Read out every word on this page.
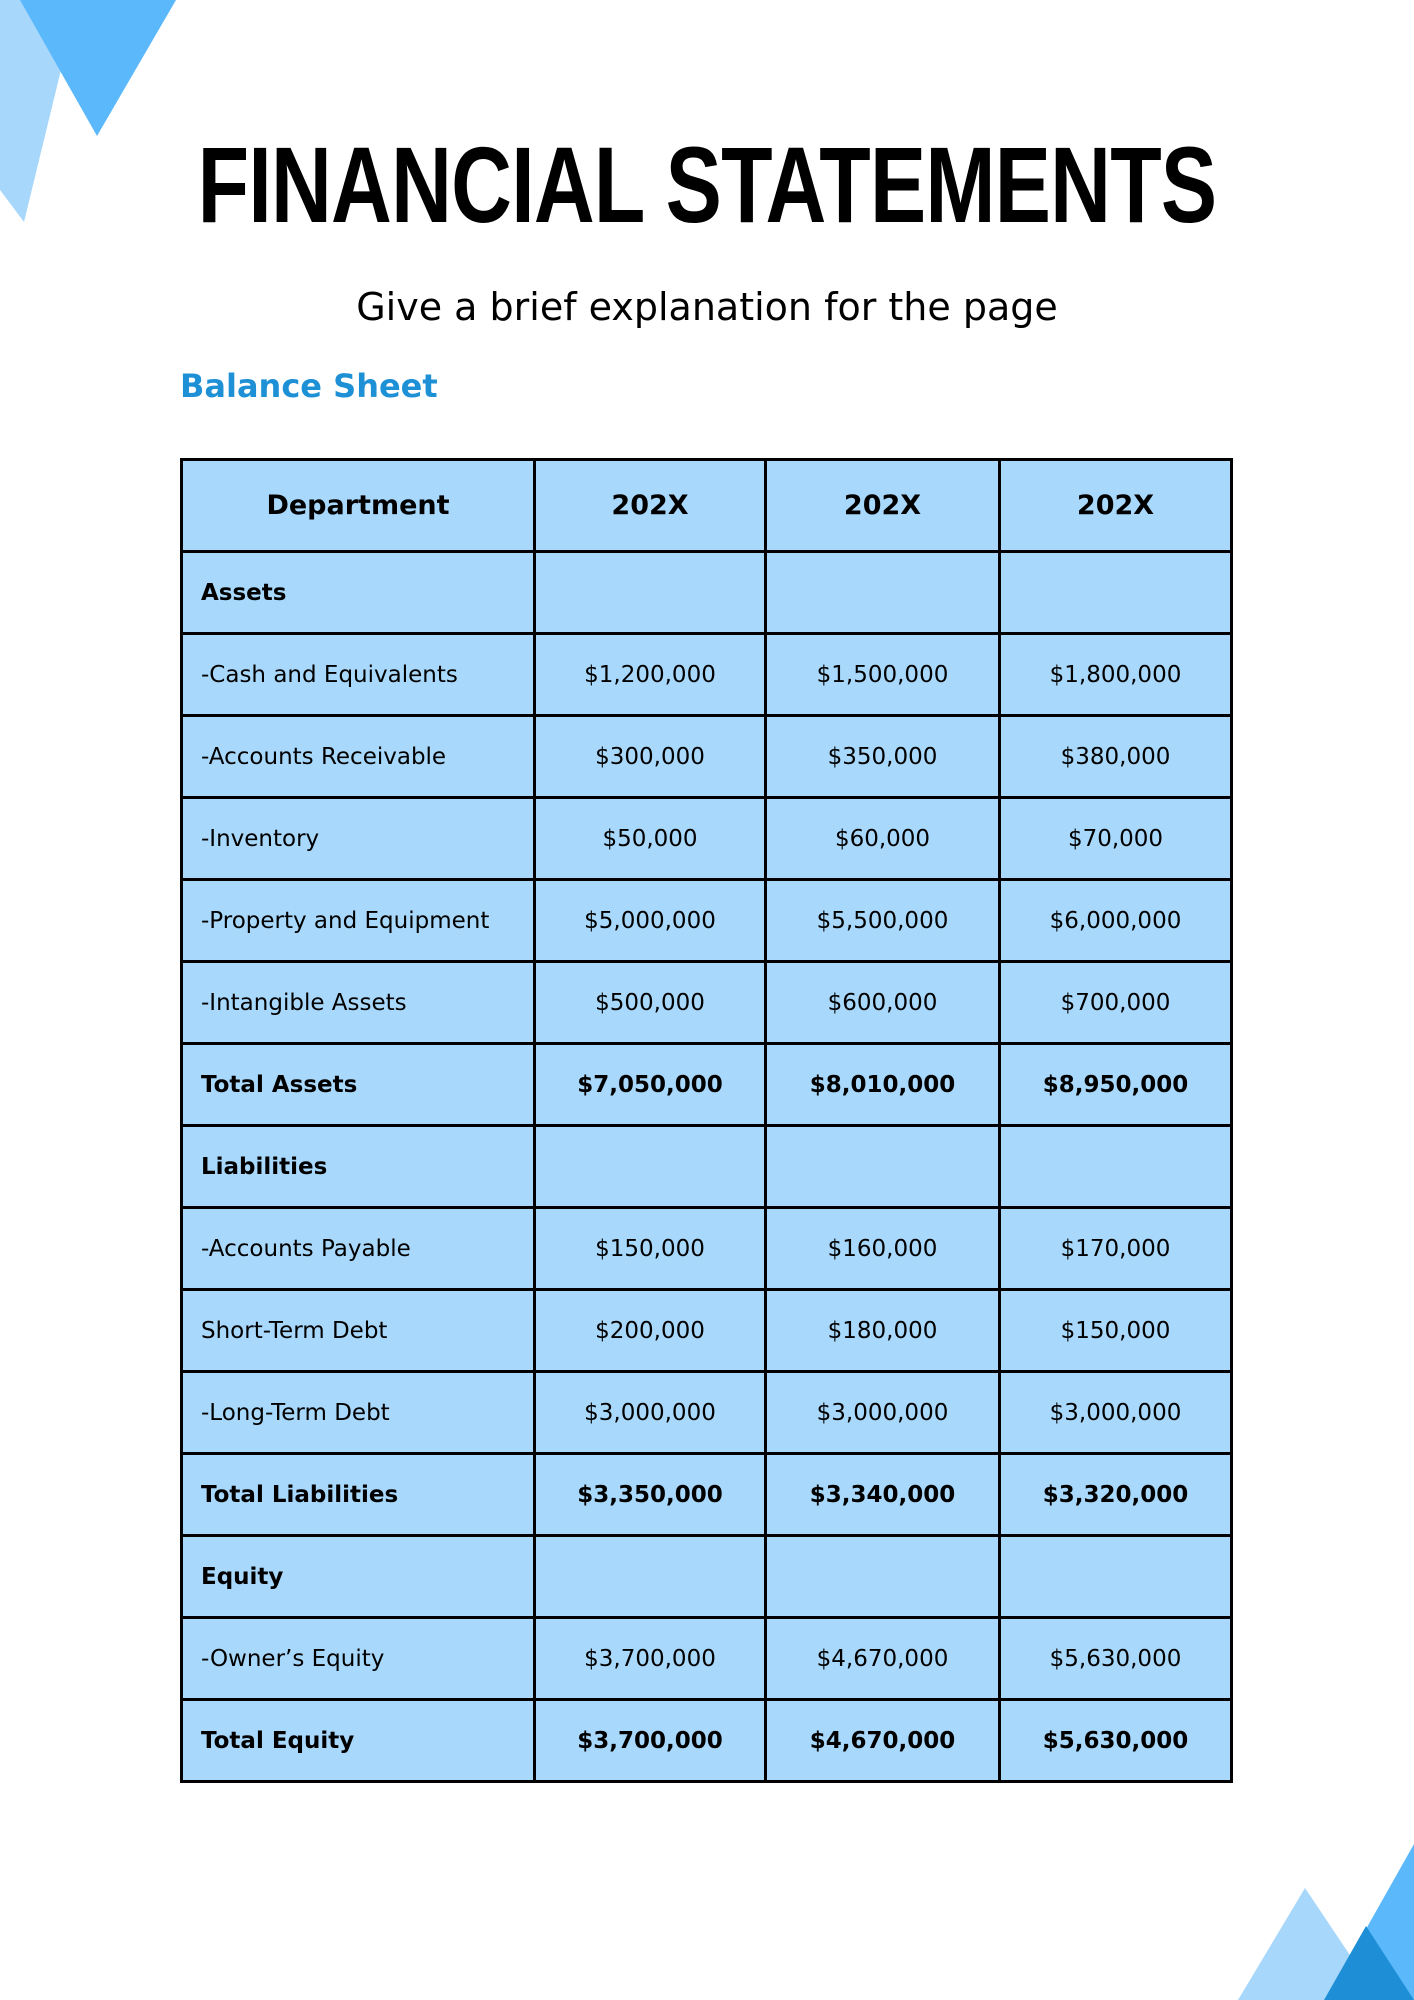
FINANCIAL STATEMENTS
Give a brief explanation for the page
Balance Sheet
Department	202X	202X	202X
Assets			
-Cash and Equivalents	$1,200,000	$1,500,000	$1,800,000
-Accounts Receivable	$300,000	$350,000	$380,000
-Inventory	$50,000	$60,000	$70,000
-Property and Equipment	$5,000,000	$5,500,000	$6,000,000
-Intangible Assets	$500,000	$600,000	$700,000
Total Assets	$7,050,000	$8,010,000	$8,950,000
Liabilities			
-Accounts Payable	$150,000	$160,000	$170,000
Short-Term Debt	$200,000	$180,000	$150,000
-Long-Term Debt	$3,000,000	$3,000,000	$3,000,000
Total Liabilities	$3,350,000	$3,340,000	$3,320,000
Equity			
-Owner’s Equity	$3,700,000	$4,670,000	$5,630,000
Total Equity	$3,700,000	$4,670,000	$5,630,000
